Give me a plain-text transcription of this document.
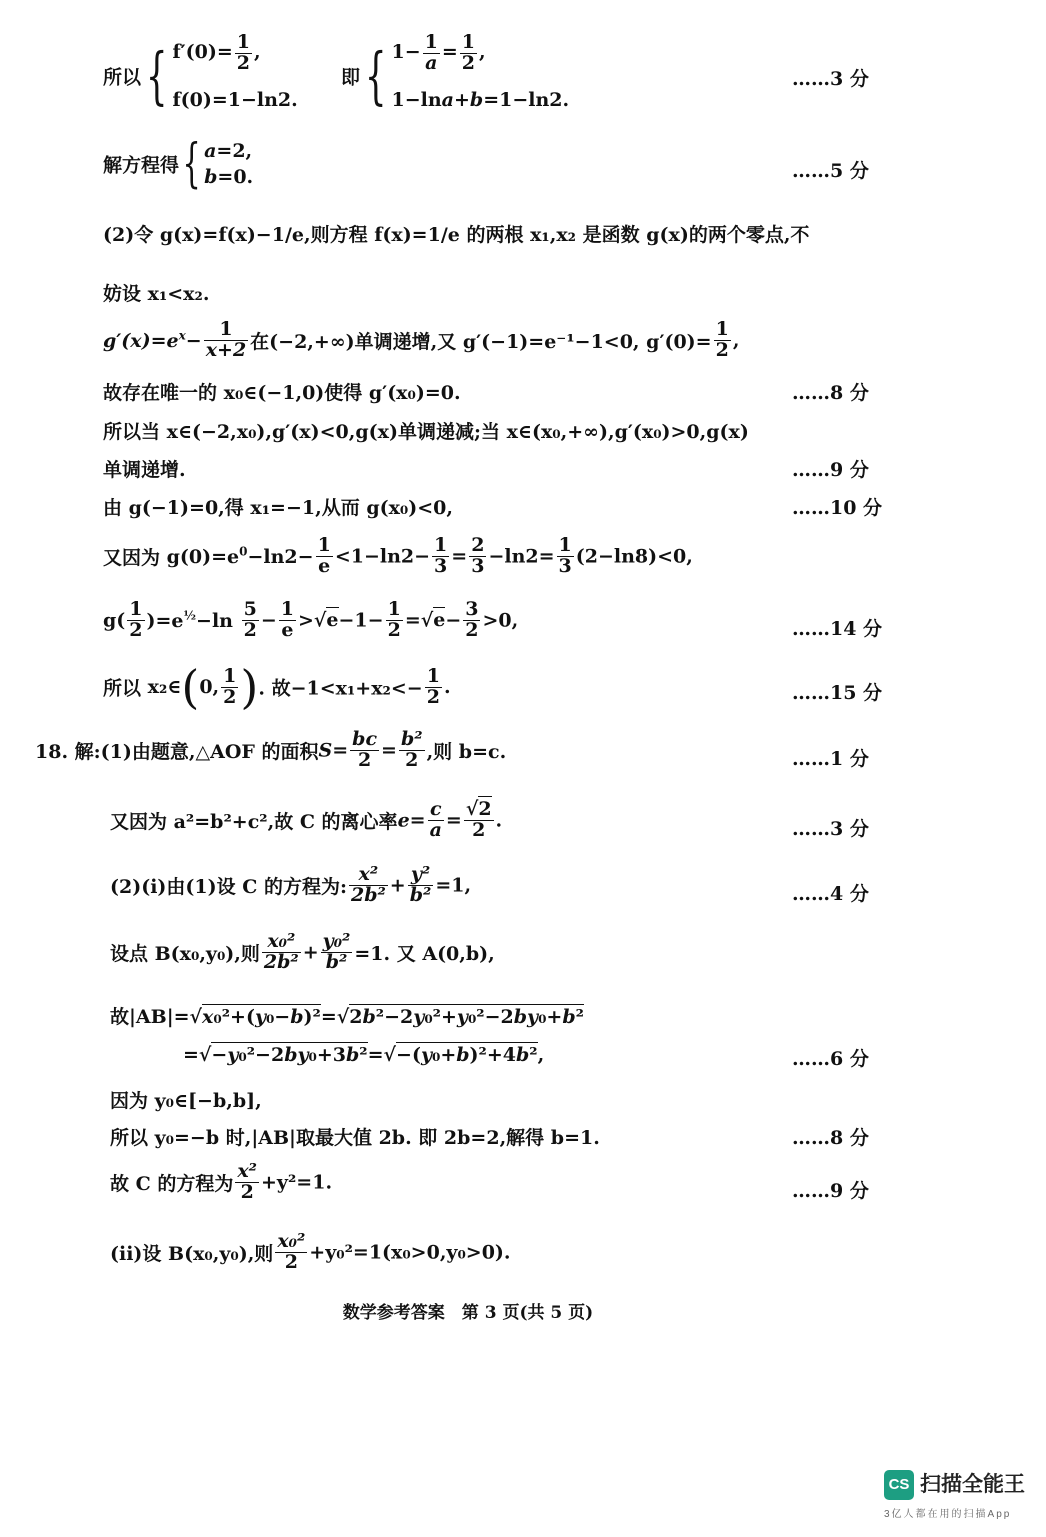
所以{ $f'(0)= \frac{1}{2}$ ,
f(0)=1−ln2.
即{ $1- \frac{1}{a} = \frac{1}{2}$ ,
1−lna+b=1−ln2.
……3 分
解方程得{ a=2,
b=0.	……5 分
(2)令 g(x)=f(x)−1/e,则方程 f(x)=1/e 的两根 x₁,x₂ 是函数 g(x)的两个零点,不
妨设 x₁<x₂.
$g'(x)=e^x- \frac{1}{x+2}$ 在(−2,+∞)单调递增,又 g′(−1)=e⁻¹−1<0, $g'(0)= \frac{1}{2}$ ,
故存在唯一的 x₀∈(−1,0)使得 g′(x₀)=0.	……8 分
所以当 x∈(−2,x₀),g′(x)<0,g(x)单调递减;当 x∈(x₀,+∞),g′(x₀)>0,g(x)
单调递增.	……9 分
由 g(−1)=0,得 x₁=−1,从而 g(x₀)<0,	……10 分
又因为 $g(0)=e^0-\ln 2- \frac{1}{e} <1-\ln 2- \frac{1}{3} = \frac{2}{3} -\ln 2= \frac{1}{3} (2-\ln 8)<0$,
$g( \frac{1}{2} )=e^{\frac{1}{2}}-\ln \frac{5}{2} - \frac{1}{e} >√e-1- \frac{1}{2} =√e- \frac{3}{2} >0$,	……14 分
所以 x₂∈(0, $\frac{1}{2}$ ). 故$-1<x_1+x_2<- \frac{1}{2}$ .	……15 分
18. 解:(1)由题意,△AOF 的面积$S= \frac{bc}{2} = \frac{\text{b²}}{2}$ ,则 b=c.	……1 分
又因为 a²=b²+c²,故 C 的离心率$e= \frac{c}{a} = \frac{√2}{2}$ .	……3 分
(2)(i)由(1)设 C 的方程为: $\frac{\text{x²}}{\text{2b²}} + \frac{\text{y²}}{\text{b²}} =1$,	……4 分
设点 B(x₀,y₀),则 $\frac{\text{x₀²}}{\text{2b²}} + \frac{\text{y₀²}}{\text{b²}} =1$. 又 A(0,b),
故|AB|=√x₀²+(y₀−b)²=√2b²−2y₀²+y₀²−2by₀+b²
=√−y₀²−2by₀+3b²=√−(y₀+b)²+4b²,	……6 分
因为 y₀∈[−b,b],
所以 y₀=−b 时,|AB|取最大值 2b. 即 2b=2,解得 b=1.	……8 分
故 C 的方程为 $\frac{\text{x²}}{2} +y^2=1$.	……9 分
(ii)设 B(x₀,y₀),则 $\frac{\text{x₀²}}{2} +y_0^2=1(x_0>0,y_0>0)$.
数学参考答案　第 3 页(共 5 页)
CS 扫描全能王
3亿人都在用的扫描App
